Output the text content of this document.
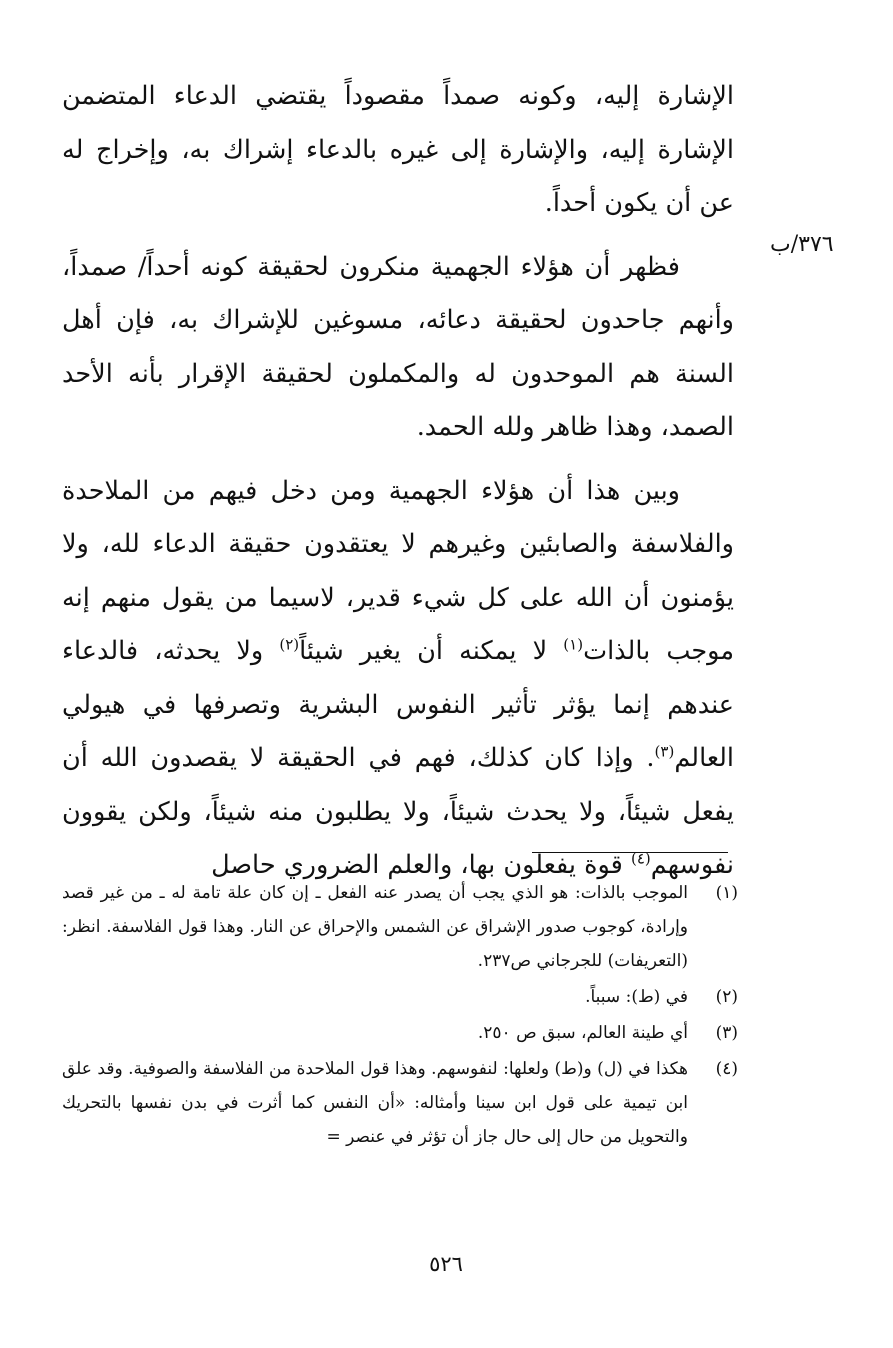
٣٧٦/ب

الإشارة إليه، وكونه صمداً مقصوداً يقتضي الدعاء المتضمن الإشارة إليه، والإشارة إلى غيره بالدعاء إشراك به، وإخراج له عن أن يكون أحداً.

فظهر أن هؤلاء الجهمية منكرون لحقيقة كونه أحداً/ صمداً، وأنهم جاحدون لحقيقة دعائه، مسوغين للإشراك به، فإن أهل السنة هم الموحدون له والمكملون لحقيقة الإقرار بأنه الأحد الصمد، وهذا ظاهر ولله الحمد.

وبين هذا أن هؤلاء الجهمية ومن دخل فيهم من الملاحدة والفلاسفة والصابئين وغيرهم لا يعتقدون حقيقة الدعاء لله، ولا يؤمنون أن الله على كل شيء قدير، لاسيما من يقول منهم إنه موجب بالذات$^{(١)}$ لا يمكنه أن يغير شيئاً$^{(٢)}$ ولا يحدثه، فالدعاء عندهم إنما يؤثر تأثير النفوس البشرية وتصرفها في هيولي العالم$^{(٣)}$. وإذا كان كذلك، فهم في الحقيقة لا يقصدون الله أن يفعل شيئاً، ولا يحدث شيئاً، ولا يطلبون منه شيئاً، ولكن يقوون نفوسهم$^{(٤)}$ قوة يفعلون بها، والعلم الضروري حاصل

(١)
الموجب بالذات: هو الذي يجب أن يصدر عنه الفعل ـ إن كان علة تامة له ـ من غير قصد وإرادة، كوجوب صدور الإشراق عن الشمس والإحراق عن النار. وهذا قول الفلاسفة. انظر: (التعريفات) للجرجاني ص٢٣٧.
(٢)
في (ط): سبباً.
(٣)
أي طينة العالم، سبق ص ٢٥٠.
(٤)
هكذا في (ل) و(ط) ولعلها: لنفوسهم. وهذا قول الملاحدة من الفلاسفة والصوفية. وقد علق ابن تيمية على قول ابن سينا وأمثاله: «أن النفس كما أثرت في بدن نفسها بالتحريك والتحويل من حال إلى حال جاز أن تؤثر في عنصر =
٥٢٦
